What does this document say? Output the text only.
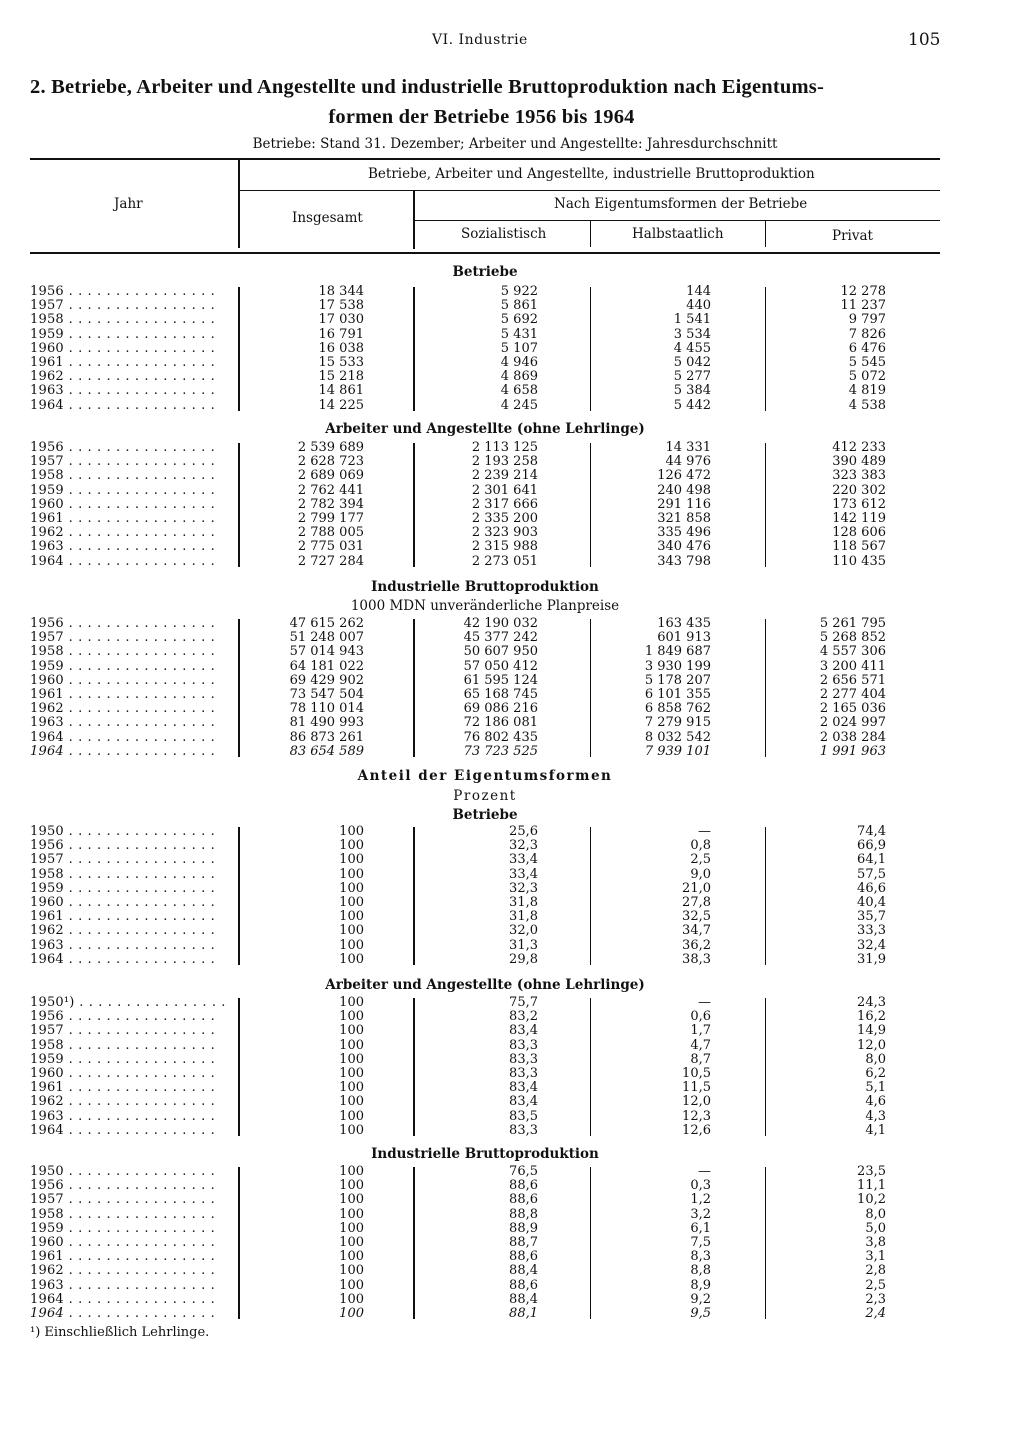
VI. Industrie	105
2. Betriebe, Arbeiter und Angestellte und industrielle Bruttoproduktion nach Eigentums-
formen der Betriebe 1956 bis 1964
Betriebe: Stand 31. Dezember; Arbeiter und Angestellte: Jahresdurchschnitt
Jahr
Betriebe, Arbeiter und Angestellte, industrielle Bruttoproduktion
Insgesamt
Nach Eigentumsformen der Betriebe
Sozialistisch	Halbstaatlich	Privat
Betriebe
1956 . . . . . . . . . . . . . . . .	18 344	5 922	144	12 278
1957 . . . . . . . . . . . . . . . .	17 538	5 861	440	11 237
1958 . . . . . . . . . . . . . . . .	17 030	5 692	1 541	9 797
1959 . . . . . . . . . . . . . . . .	16 791	5 431	3 534	7 826
1960 . . . . . . . . . . . . . . . .	16 038	5 107	4 455	6 476
1961 . . . . . . . . . . . . . . . .	15 533	4 946	5 042	5 545
1962 . . . . . . . . . . . . . . . .	15 218	4 869	5 277	5 072
1963 . . . . . . . . . . . . . . . .	14 861	4 658	5 384	4 819
1964 . . . . . . . . . . . . . . . .	14 225	4 245	5 442	4 538
Arbeiter und Angestellte (ohne Lehrlinge)
1956 . . . . . . . . . . . . . . . .	2 539 689	2 113 125	14 331	412 233
1957 . . . . . . . . . . . . . . . .	2 628 723	2 193 258	44 976	390 489
1958 . . . . . . . . . . . . . . . .	2 689 069	2 239 214	126 472	323 383
1959 . . . . . . . . . . . . . . . .	2 762 441	2 301 641	240 498	220 302
1960 . . . . . . . . . . . . . . . .	2 782 394	2 317 666	291 116	173 612
1961 . . . . . . . . . . . . . . . .	2 799 177	2 335 200	321 858	142 119
1962 . . . . . . . . . . . . . . . .	2 788 005	2 323 903	335 496	128 606
1963 . . . . . . . . . . . . . . . .	2 775 031	2 315 988	340 476	118 567
1964 . . . . . . . . . . . . . . . .	2 727 284	2 273 051	343 798	110 435
Industrielle Bruttoproduktion
1000 MDN unveränderliche Planpreise
1956 . . . . . . . . . . . . . . . .	47 615 262	42 190 032	163 435	5 261 795
1957 . . . . . . . . . . . . . . . .	51 248 007	45 377 242	601 913	5 268 852
1958 . . . . . . . . . . . . . . . .	57 014 943	50 607 950	1 849 687	4 557 306
1959 . . . . . . . . . . . . . . . .	64 181 022	57 050 412	3 930 199	3 200 411
1960 . . . . . . . . . . . . . . . .	69 429 902	61 595 124	5 178 207	2 656 571
1961 . . . . . . . . . . . . . . . .	73 547 504	65 168 745	6 101 355	2 277 404
1962 . . . . . . . . . . . . . . . .	78 110 014	69 086 216	6 858 762	2 165 036
1963 . . . . . . . . . . . . . . . .	81 490 993	72 186 081	7 279 915	2 024 997
1964 . . . . . . . . . . . . . . . .	86 873 261	76 802 435	8 032 542	2 038 284
1964 . . . . . . . . . . . . . . . .	83 654 589	73 723 525	7 939 101	1 991 963
Anteil der Eigentumsformen
Prozent
Betriebe
1950 . . . . . . . . . . . . . . . .	100	25,6	—	74,4
1956 . . . . . . . . . . . . . . . .	100	32,3	0,8	66,9
1957 . . . . . . . . . . . . . . . .	100	33,4	2,5	64,1
1958 . . . . . . . . . . . . . . . .	100	33,4	9,0	57,5
1959 . . . . . . . . . . . . . . . .	100	32,3	21,0	46,6
1960 . . . . . . . . . . . . . . . .	100	31,8	27,8	40,4
1961 . . . . . . . . . . . . . . . .	100	31,8	32,5	35,7
1962 . . . . . . . . . . . . . . . .	100	32,0	34,7	33,3
1963 . . . . . . . . . . . . . . . .	100	31,3	36,2	32,4
1964 . . . . . . . . . . . . . . . .	100	29,8	38,3	31,9
Arbeiter und Angestellte (ohne Lehrlinge)
1950¹) . . . . . . . . . . . . . . . .	100	75,7	—	24,3
1956 . . . . . . . . . . . . . . . .	100	83,2	0,6	16,2
1957 . . . . . . . . . . . . . . . .	100	83,4	1,7	14,9
1958 . . . . . . . . . . . . . . . .	100	83,3	4,7	12,0
1959 . . . . . . . . . . . . . . . .	100	83,3	8,7	8,0
1960 . . . . . . . . . . . . . . . .	100	83,3	10,5	6,2
1961 . . . . . . . . . . . . . . . .	100	83,4	11,5	5,1
1962 . . . . . . . . . . . . . . . .	100	83,4	12,0	4,6
1963 . . . . . . . . . . . . . . . .	100	83,5	12,3	4,3
1964 . . . . . . . . . . . . . . . .	100	83,3	12,6	4,1
Industrielle Bruttoproduktion
1950 . . . . . . . . . . . . . . . .	100	76,5	—	23,5
1956 . . . . . . . . . . . . . . . .	100	88,6	0,3	11,1
1957 . . . . . . . . . . . . . . . .	100	88,6	1,2	10,2
1958 . . . . . . . . . . . . . . . .	100	88,8	3,2	8,0
1959 . . . . . . . . . . . . . . . .	100	88,9	6,1	5,0
1960 . . . . . . . . . . . . . . . .	100	88,7	7,5	3,8
1961 . . . . . . . . . . . . . . . .	100	88,6	8,3	3,1
1962 . . . . . . . . . . . . . . . .	100	88,4	8,8	2,8
1963 . . . . . . . . . . . . . . . .	100	88,6	8,9	2,5
1964 . . . . . . . . . . . . . . . .	100	88,4	9,2	2,3
1964 . . . . . . . . . . . . . . . .	100	88,1	9,5	2,4
¹) Einschließlich Lehrlinge.
